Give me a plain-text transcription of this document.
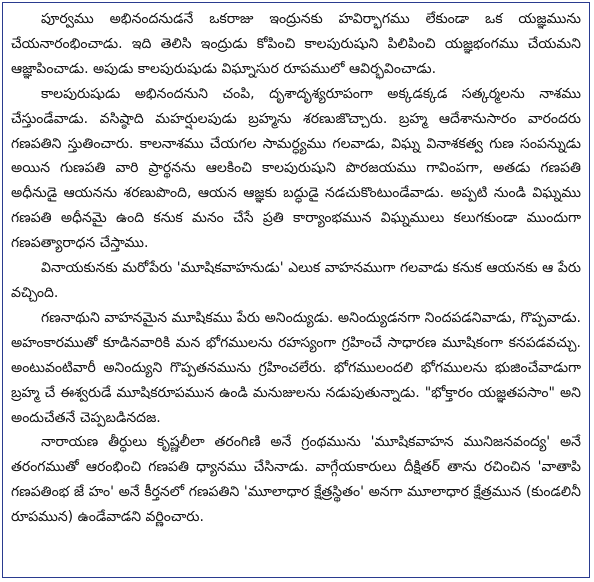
పూర్వము అభినందనుడనే ఒకరాజు ఇంద్రునకు హవిర్భాగము లేకుండా ఒక యజ్ఞమును చేయనారంభించాడు. ఇది తెలిసి ఇంద్రుడు కోపించి కాలపురుషుని పిలిపించి యజ్ఞభంగము చేయమని ఆజ్ఞాపించాడు. అపుడు కాలపురుషుడు విఘ్నాసుర రూపములో ఆవిర్భవించాడు.

కాలపురుషుడు అభినందనుని చంపి, దృశాదృశ్యరూపంగా అక్కడక్కడ సత్కర్మలను నాశము చేస్తుండేవాడు. వసిష్ఠాది మహర్షులపుడు బ్రహ్మను శరణుజొచ్చారు. బ్రహ్మ ఆదేశానుసారం వారందరు గణపతిని స్తుతించారు. కాలనాశము చేయగల సామర్ధ్యము గలవాడు, విఘ్న వినాశకత్వ గుణ సంపన్నుడు అయిన గుణపతి వారి ప్రార్థనను ఆలకించి కాలపురుషుని పొరజయము గావింపగా, అతడు గణపతి అధీనుడై ఆయనను శరణుపొంది, ఆయన ఆజ్ఞకు బద్ధుడై నడచుకొంటుండేవాడు. అప్పటి నుండి విఘ్నము గణపతి అధీనమై ఉంది కనుక మనం చేసే ప్రతి కార్యాంభమున విఘ్నములు కలుగకుండా ముందుగా గణపత్యారాధన చేస్తాము.

వినాయకునకు మరోపేరు 'మూషికవాహనుడు' ఎలుక వాహనముగా గలవాడు కనుక ఆయనకు ఆ పేరు వచ్చింది.

గణనాథుని వాహనమైన మూషికము పేరు అనింద్యుడు. అనింద్యుడనగా నిందపడనివాడు, గొప్పవాడు. అహంకారముతో కూడినవారికి మన భోగములను రహస్యంగా గ్రహించే సాధారణ మూషికంగా కనపడవచ్చు. అంటువంటివారీ అనింద్యుని గొప్పతనమును గ్రహించలేరు. భోగములందలి భోగములను భుజించేవాడుగా బ్రహ్మ చే ఈశ్వరుడే మూషికరూపమున ఉండి మనుజులను నడుపుతున్నాడు. "భోక్తారం యజ్ఞతపసాం" అని అందుచేతనే చెప్పబడినదజ.

నారాయణ తీర్ధులు కృష్ణలీలా తరంగిణి అనే గ్రంథమును 'మూషికవాహన మునిజనవంద్య' అనే తరంగముతో ఆరంభించి గణపతి ధ్యానము చేసినాడు. వాగ్గేయకారులు దీక్షితర్ తాను రచించిన 'వాతాపి గణపతింభ జే హం' అనే కీర్తనలో గణపతిని 'మూలాధార క్షేత్రస్థితం' అనగా మూలాధార క్షేత్రమున (కుండలినీ రూపమున) ఉండేవాడని వర్ణించారు.
